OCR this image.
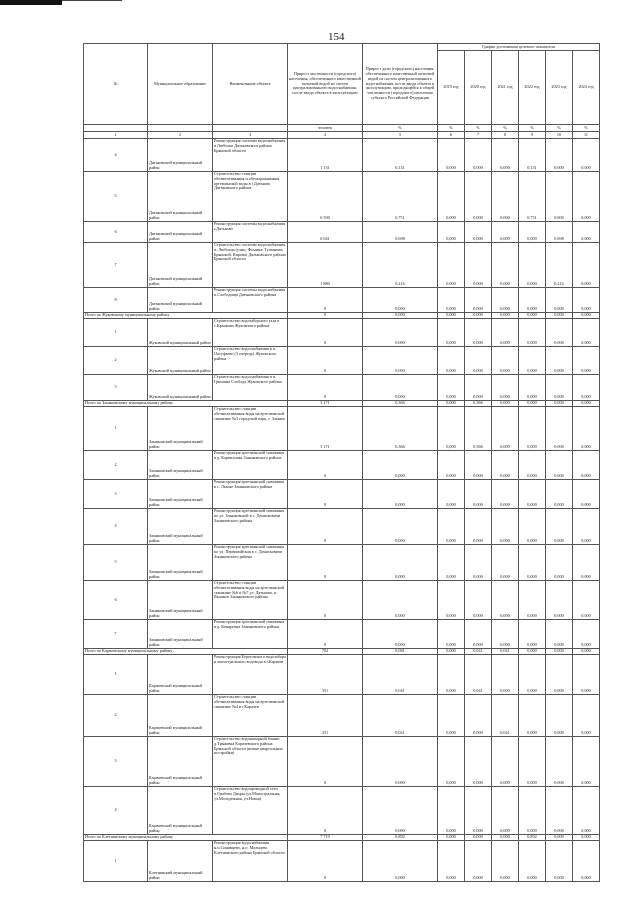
154
№	Муниципальное образование	Наименование объекта	Прирост численности (городского) населения, обеспеченного качественной питьевой водой из систем централизованного водоснабжения, после ввода объекта в эксплуатацию	Прирост доли (городского) населения, обеспеченного качественной питьевой водой из систем централизованного водоснабжения, после ввода объекта в эксплуатацию, приходящейся к общей численности (городского) населения субъекта Российской Федерации	График достижения целевого показателя					
					2019 год	2020 год	2021 год	2022 год	2023 год	2024 год
			человек	%	%	%	%	%	%	%
1	2	3	4	5	6	7	8	9	10	11
4	Дятьковский муниципальный район	Реконструкция системы водоснабжения в Любохне Дятьковского района Брянской области	1 131	0,131	0,000	0,000	0,000	0,131	0,000	0,000
5	Дятьковский муниципальный район	Строительство станции обезжелезивания и обеззараживания артезианской воды в г.Дятьково Дятьковского района	6 500	0,751	0,000	0,000	0,000	0,751	0,000	0,000
6	Дятьковский муниципальный район	Реконструкция системы водоснабжения г.Дятьково	6 041	0,698	0,000	0,000	0,000	0,000	0,698	0,000
7	Дятьковский муниципальный район	Строительство системы водоснабжения п. Любохна (улиц: Фомина; Тушанова; Брянской; Кирова) Дятьковского района Брянской области	1 880	0,216	0,000	0,000	0,000	0,000	0,216	0,000
8	Дятьковский муниципальный район	Реконструкция системы водоснабжения п.Слободища Дятьковского района	0	0,000	0,000	0,000	0,000	0,000	0,000	0,000
Итого по Жуковскому муниципальному району			0	0,000	0,000	0,000	0,000	0,000	0,000	0,000
1	Жуковский муниципальный район	Строительство водозаборного узла в с.Крыжина Жуковского района	0	0,000	0,000	0,000	0,000	0,000	0,000	0,000
2	Жуковский муниципальный район	Строительство водоснабжения в п. Олсуфьево (3 очередь) Жуковского района	0	0,000	0,000	0,000	0,000	0,000	0,000	0,000
3	Жуковский муниципальный район	Строительство водоснабжения в п. Гришина Слобода Жуковского района	0	0,000	0,000	0,000	0,000	0,000	0,000	0,000
Итого по Злынковскому муниципальному району			3 171	0,366	0,000	0,366	0,000	0,000	0,000	0,000
1	Злынковский муниципальный район	Строительство станции обезжелезивания воды на артезианской скважине №3 городской парк, г. Злынка	3 171	0,366	0,000	0,366	0,000	0,000	0,000	0,000
2	Злынковский муниципальный район	Реконструкция артезианской скважины в д. Карпиловка Злынковского района	0	0,000	0,000	0,000	0,000	0,000	0,000	0,000
3	Злынковский муниципальный район	Реконструкция артезианской скважины в с. Лысые Злынковского района	0	0,000	0,000	0,000	0,000	0,000	0,000	0,000
4	Злынковский муниципальный район	Реконструкция артезианской скважины по ул. Злынковской в с. Денисковичи Злынковского района	0	0,000	0,000	0,000	0,000	0,000	0,000	0,000
5	Злынковский муниципальный район	Реконструкция артезианской скважины по ул. Первомайская в с. Денисковичи Злынковского района	0	0,000	0,000	0,000	0,000	0,000	0,000	0,000
6	Злынковский муниципальный район	Строительство станции обезжелезивания воды на артезианской скважине №6 и №7 ул. Дятьково, п. Вышков Злынковского района	0	0,000	0,000	0,000	0,000	0,000	0,000	0,000
7	Злынковский муниципальный район	Реконструкция артезианской скважины в д. Комаровка Злынковского района	0	0,000	0,000	0,000	0,000	0,000	0,000	0,000
Итого по Карачевскому муниципальному району			702	0,081	0,000	0,041	0,041	0,000	0,000	0,000
1	Карачевский муниципальный район	Реконструкция Береговского водозабора и магистрального водовода в г.Карачев	351	0,041	0,000	0,041	0,000	0,000	0,000	0,000
2	Карачевский муниципальный район	Строительство станции обезжелезивания воды на артезианской скважине №4 в г.Карачев	351	0,041	0,000	0,000	0,041	0,000	0,000	0,000
3	Карачевский муниципальный район	Строительство водонапорной башни д.Трыковка Карачевского района Брянской области (новые квартальные постройки)	0	0,000	0,000	0,000	0,000	0,000	0,000	0,000
4	Карачевский муниципальный район	Строительство водопроводной сети п.Грибова Дворы (ул.Магистральная, ул.Молодёжная, ул.Новая)	0	0,000	0,000	0,000	0,000	0,000	0,000	0,000
Итого по Клетнянскому муниципальному району			7 719	0,892	0,000	0,000	0,000	0,892	0,000	0,000
1	Клетнянский муниципальный район	Реконструкция водоснабжения н.п.Синявцево, н.п. Мальцево Клетнянского района Брянской области	0	0,000	0,000	0,000	0,000	0,000	0,000	0,000
